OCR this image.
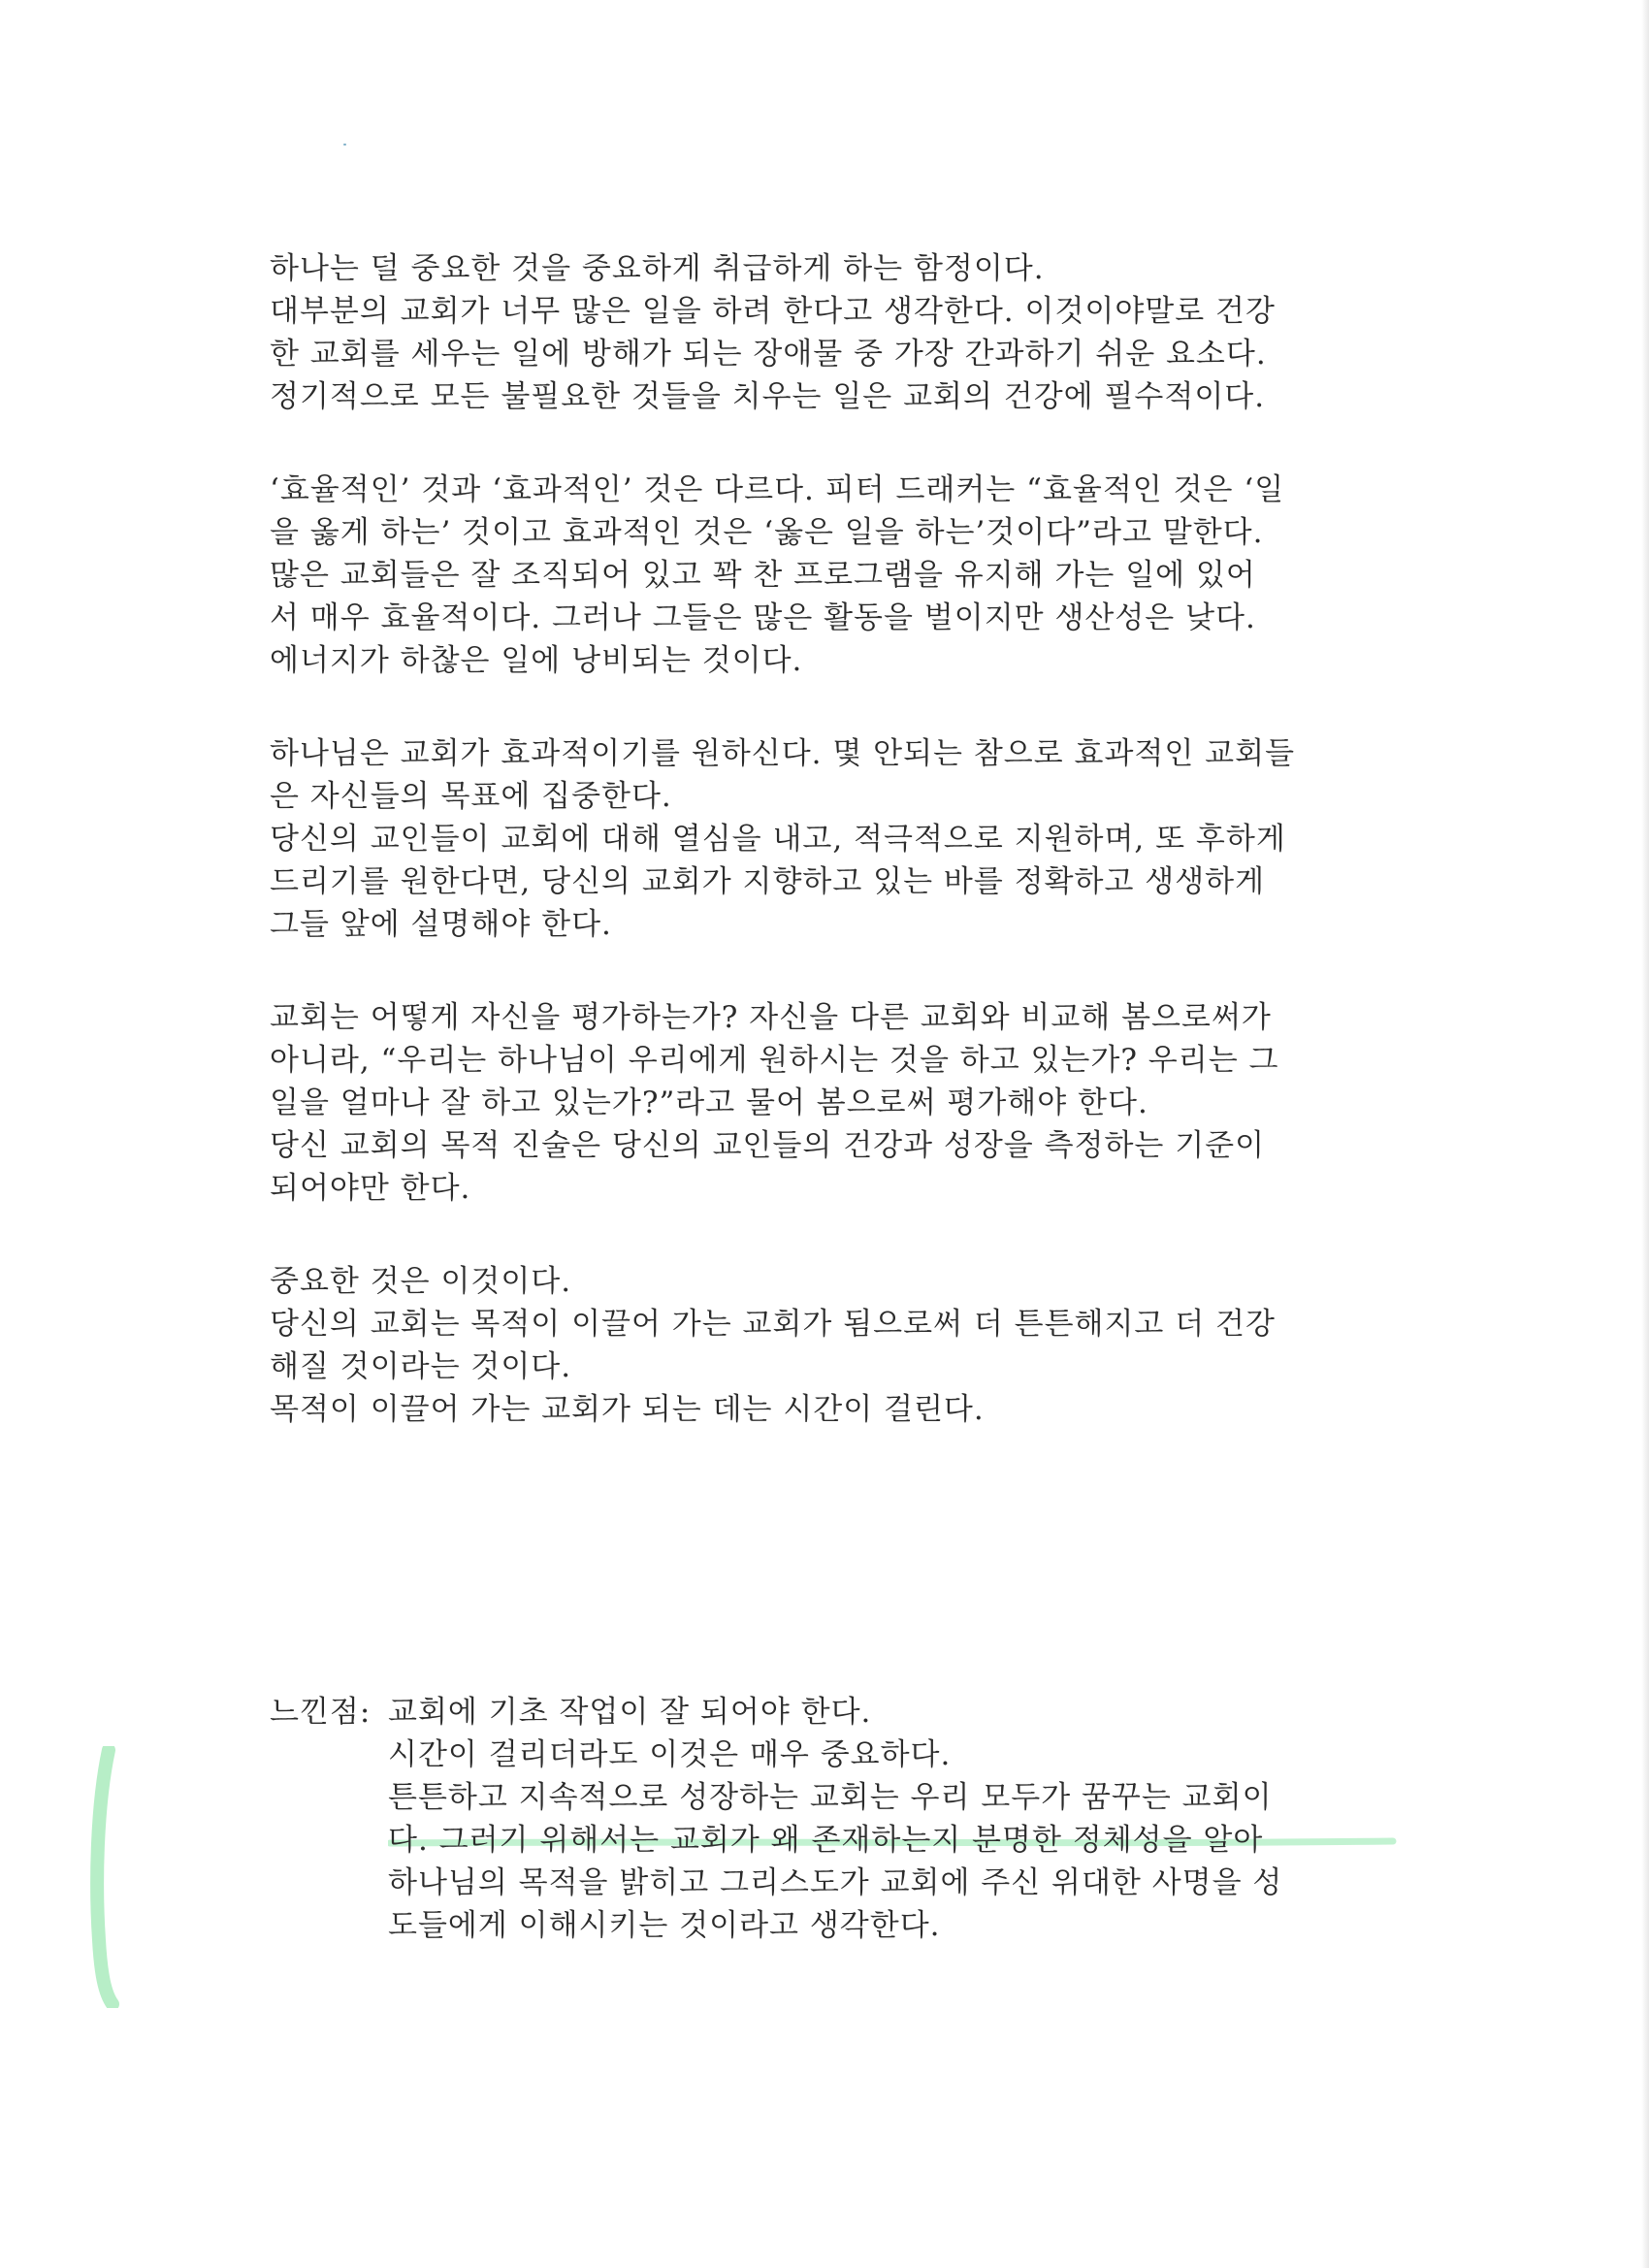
하나는 덜 중요한 것을 중요하게 취급하게 하는 함정이다.
대부분의 교회가 너무 많은 일을 하려 한다고 생각한다. 이것이야말로 건강
한 교회를 세우는 일에 방해가 되는 장애물 중 가장 간과하기 쉬운 요소다.
정기적으로 모든 불필요한 것들을 치우는 일은 교회의 건강에 필수적이다.
‘효율적인’ 것과 ‘효과적인’ 것은 다르다. 피터 드래커는 “효율적인 것은 ‘일
을 옳게 하는’ 것이고 효과적인 것은 ‘옳은 일을 하는’것이다”라고 말한다.
많은 교회들은 잘 조직되어 있고 꽉 찬 프로그램을 유지해 가는 일에 있어
서 매우 효율적이다. 그러나 그들은 많은 활동을 벌이지만 생산성은 낮다.
에너지가 하찮은 일에 낭비되는 것이다.
하나님은 교회가 효과적이기를 원하신다. 몇 안되는 참으로 효과적인 교회들
은 자신들의 목표에 집중한다.
당신의 교인들이 교회에 대해 열심을 내고, 적극적으로 지원하며, 또 후하게
드리기를 원한다면, 당신의 교회가 지향하고 있는 바를 정확하고 생생하게
그들 앞에 설명해야 한다.
교회는 어떻게 자신을 평가하는가? 자신을 다른 교회와 비교해 봄으로써가
아니라, “우리는 하나님이 우리에게 원하시는 것을 하고 있는가? 우리는 그
일을 얼마나 잘 하고 있는가?”라고 물어 봄으로써 평가해야 한다.
당신 교회의 목적 진술은 당신의 교인들의 건강과 성장을 측정하는 기준이
되어야만 한다.
중요한 것은 이것이다.
당신의 교회는 목적이 이끌어 가는 교회가 됨으로써 더 튼튼해지고 더 건강
해질 것이라는 것이다.
목적이 이끌어 가는 교회가 되는 데는 시간이 걸린다.
느낀점: 교회에 기초 작업이 잘 되어야 한다.
시간이 걸리더라도 이것은 매우 중요하다.
튼튼하고 지속적으로 성장하는 교회는 우리 모두가 꿈꾸는 교회이
다. 그러기 위해서는 교회가 왜 존재하는지 분명한 정체성을 알아
하나님의 목적을 밝히고 그리스도가 교회에 주신 위대한 사명을 성
도들에게 이해시키는 것이라고 생각한다.
